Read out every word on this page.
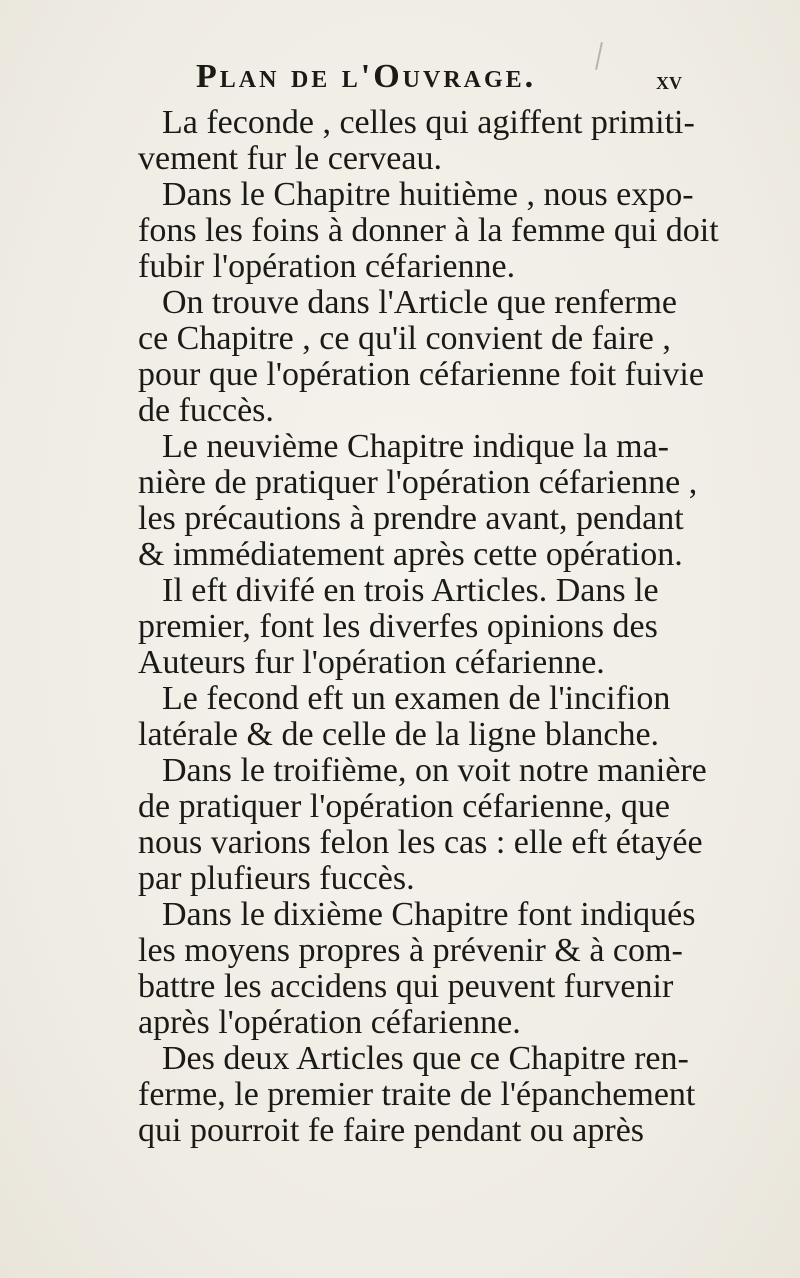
Plan de l'Ouvrage.	xv
La feconde , celles qui agiffent primiti-
vement fur le cerveau.
Dans le Chapitre huitième , nous expo-
fons les foins à donner à la femme qui doit
fubir l'opération céfarienne.
On trouve dans l'Article que renferme
ce Chapitre , ce qu'il convient de faire ,
pour que l'opération céfarienne foit fuivie
de fuccès.
Le neuvième Chapitre indique la ma-
nière de pratiquer l'opération céfarienne ,
les précautions à prendre avant, pendant
& immédiatement après cette opération.
Il eft divifé en trois Articles. Dans le
premier, font les diverfes opinions des
Auteurs fur l'opération céfarienne.
Le fecond eft un examen de l'incifion
latérale & de celle de la ligne blanche.
Dans le troifième, on voit notre manière
de pratiquer l'opération céfarienne, que
nous varions felon les cas : elle eft étayée
par plufieurs fuccès.
Dans le dixième Chapitre font indiqués
les moyens propres à prévenir & à com-
battre les accidens qui peuvent furvenir
après l'opération céfarienne.
Des deux Articles que ce Chapitre ren-
ferme, le premier traite de l'épanchement
qui pourroit fe faire pendant ou après
